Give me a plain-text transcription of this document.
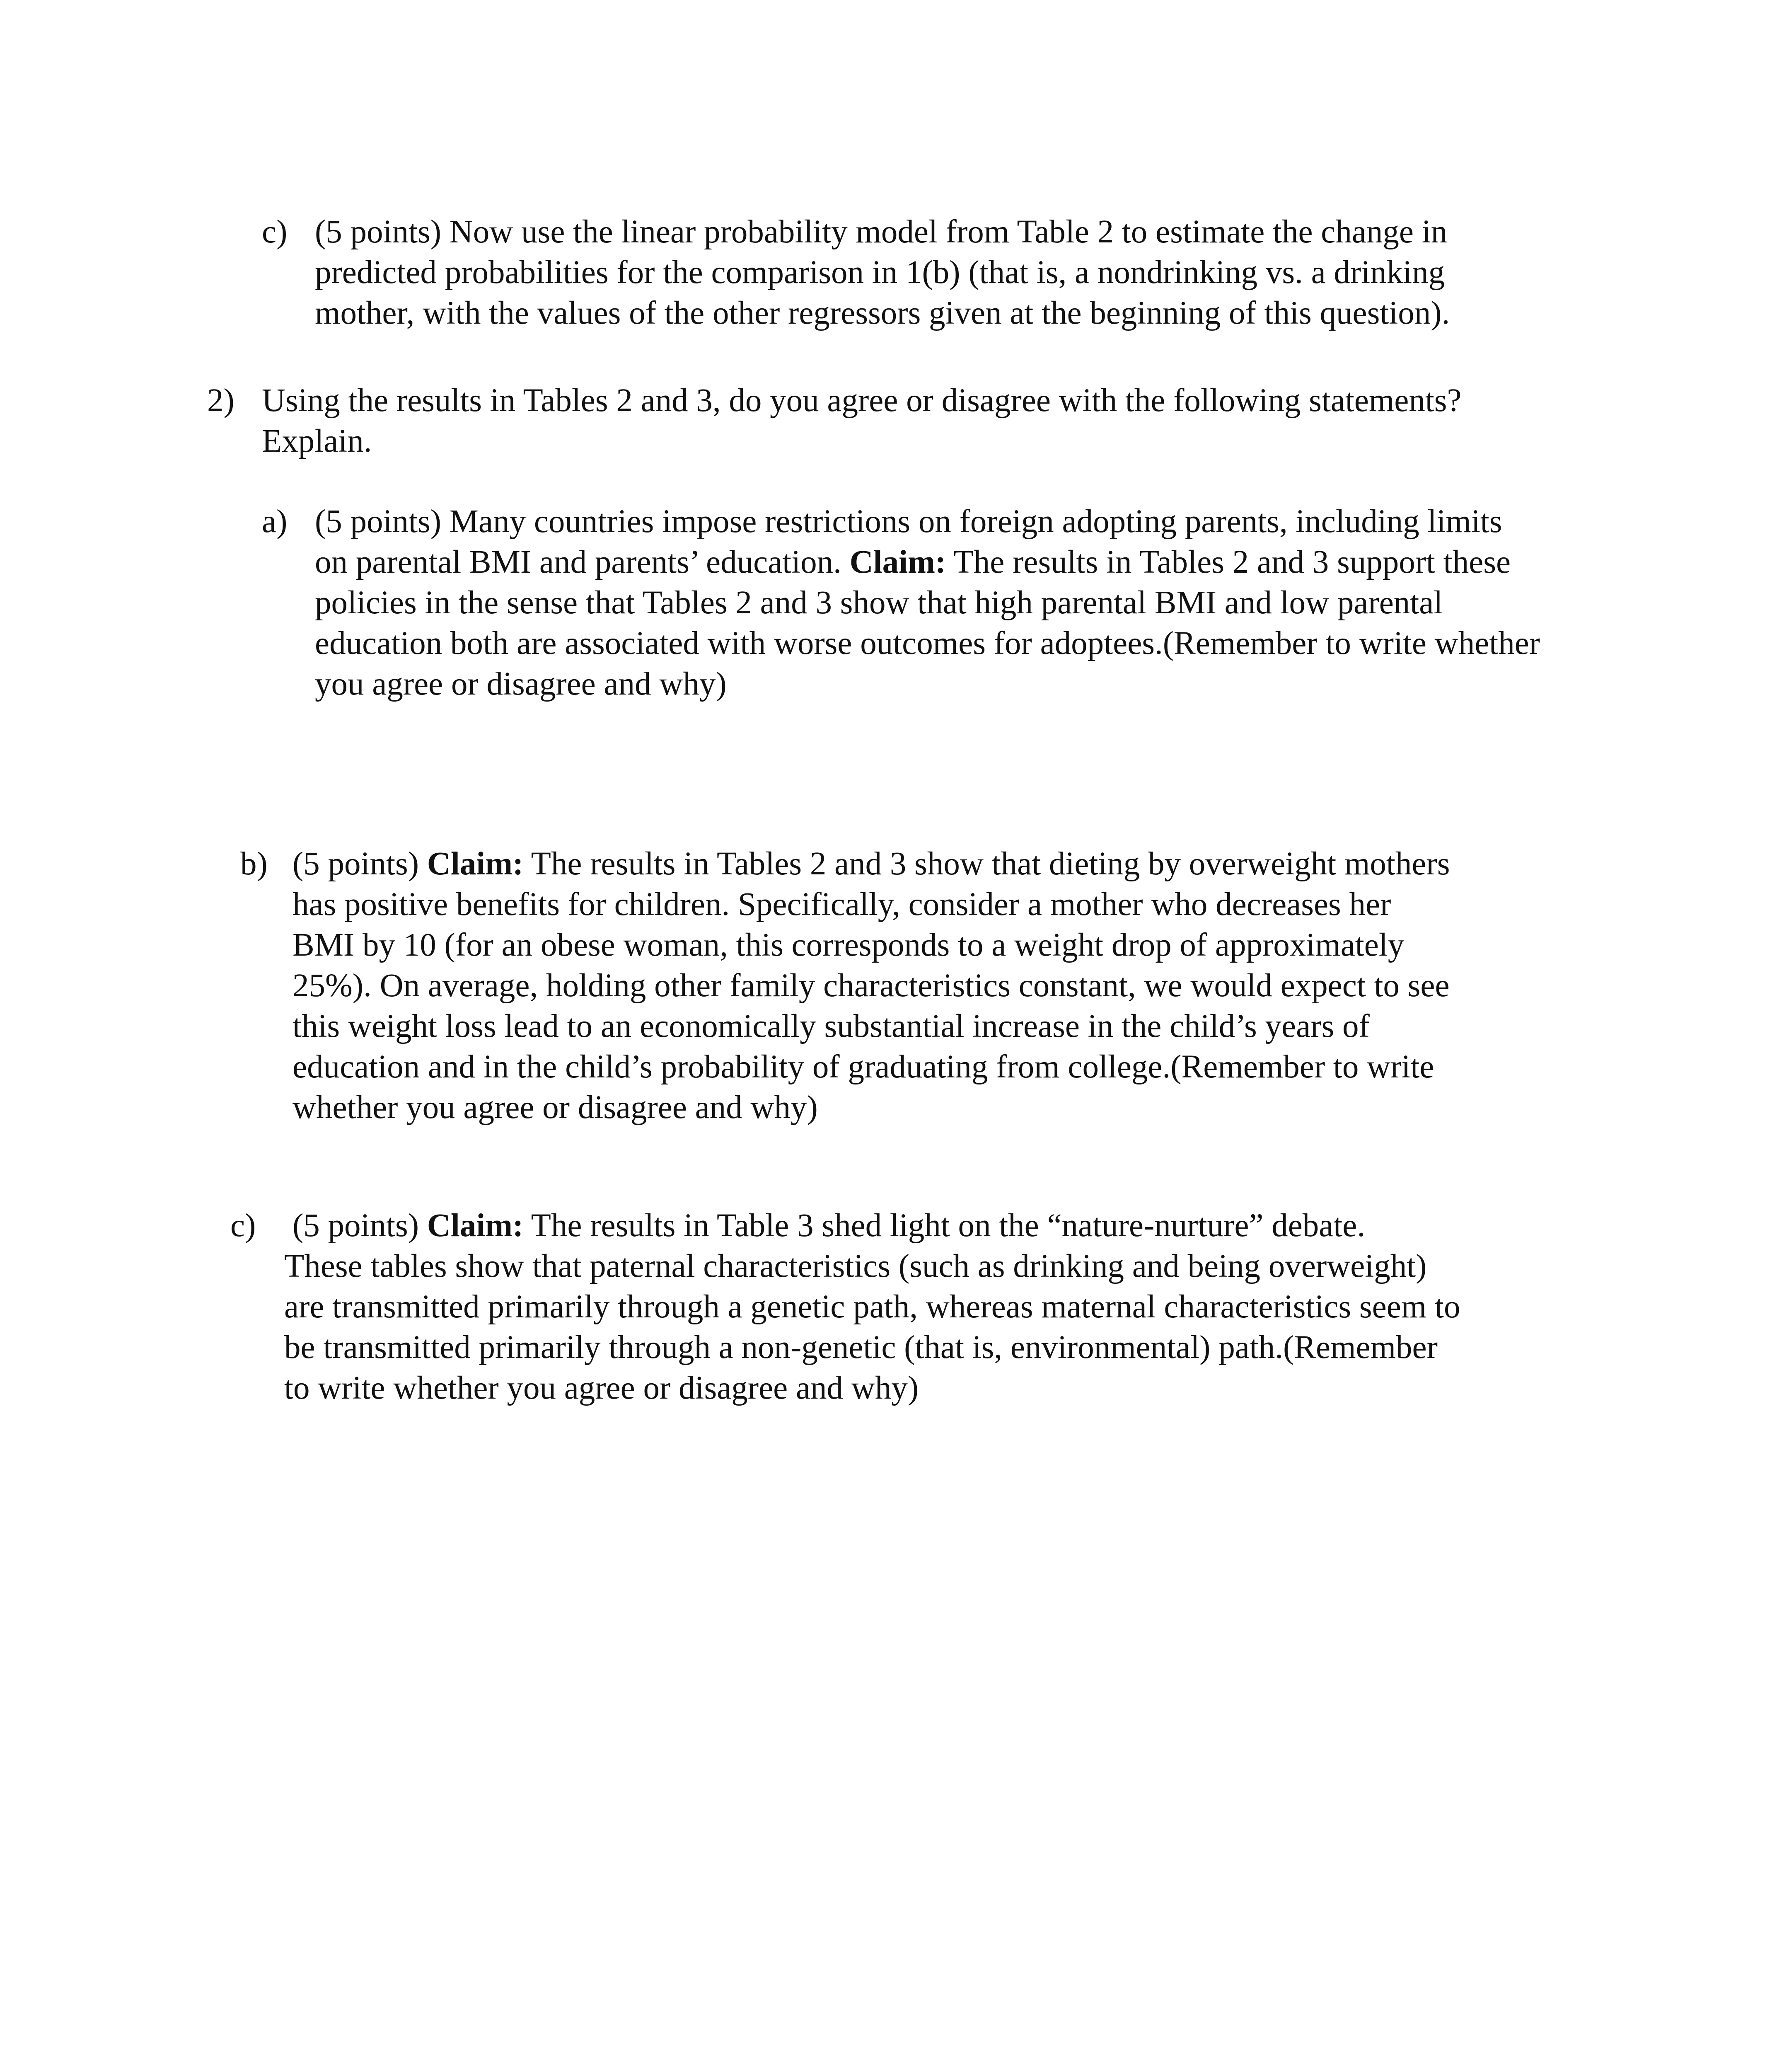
c) (5 points) Now use the linear probability model from Table 2 to estimate the change in
predicted probabilities for the comparison in 1(b) (that is, a nondrinking vs. a drinking
mother, with the values of the other regressors given at the beginning of this question).
2) Using the results in Tables 2 and 3, do you agree or disagree with the following statements?
Explain.
a) (5 points) Many countries impose restrictions on foreign adopting parents, including limits
on parental BMI and parents’ education. Claim: The results in Tables 2 and 3 support these
policies in the sense that Tables 2 and 3 show that high parental BMI and low parental
education both are associated with worse outcomes for adoptees.(Remember to write whether
you agree or disagree and why)
b) (5 points) Claim: The results in Tables 2 and 3 show that dieting by overweight mothers
has positive benefits for children. Specifically, consider a mother who decreases her
BMI by 10 (for an obese woman, this corresponds to a weight drop of approximately
25%). On average, holding other family characteristics constant, we would expect to see
this weight loss lead to an economically substantial increase in the child’s years of
education and in the child’s probability of graduating from college.(Remember to write
whether you agree or disagree and why)
c) (5 points) Claim: The results in Table 3 shed light on the “nature-nurture” debate.
These tables show that paternal characteristics (such as drinking and being overweight)
are transmitted primarily through a genetic path, whereas maternal characteristics seem to
be transmitted primarily through a non-genetic (that is, environmental) path.(Remember
to write whether you agree or disagree and why)
